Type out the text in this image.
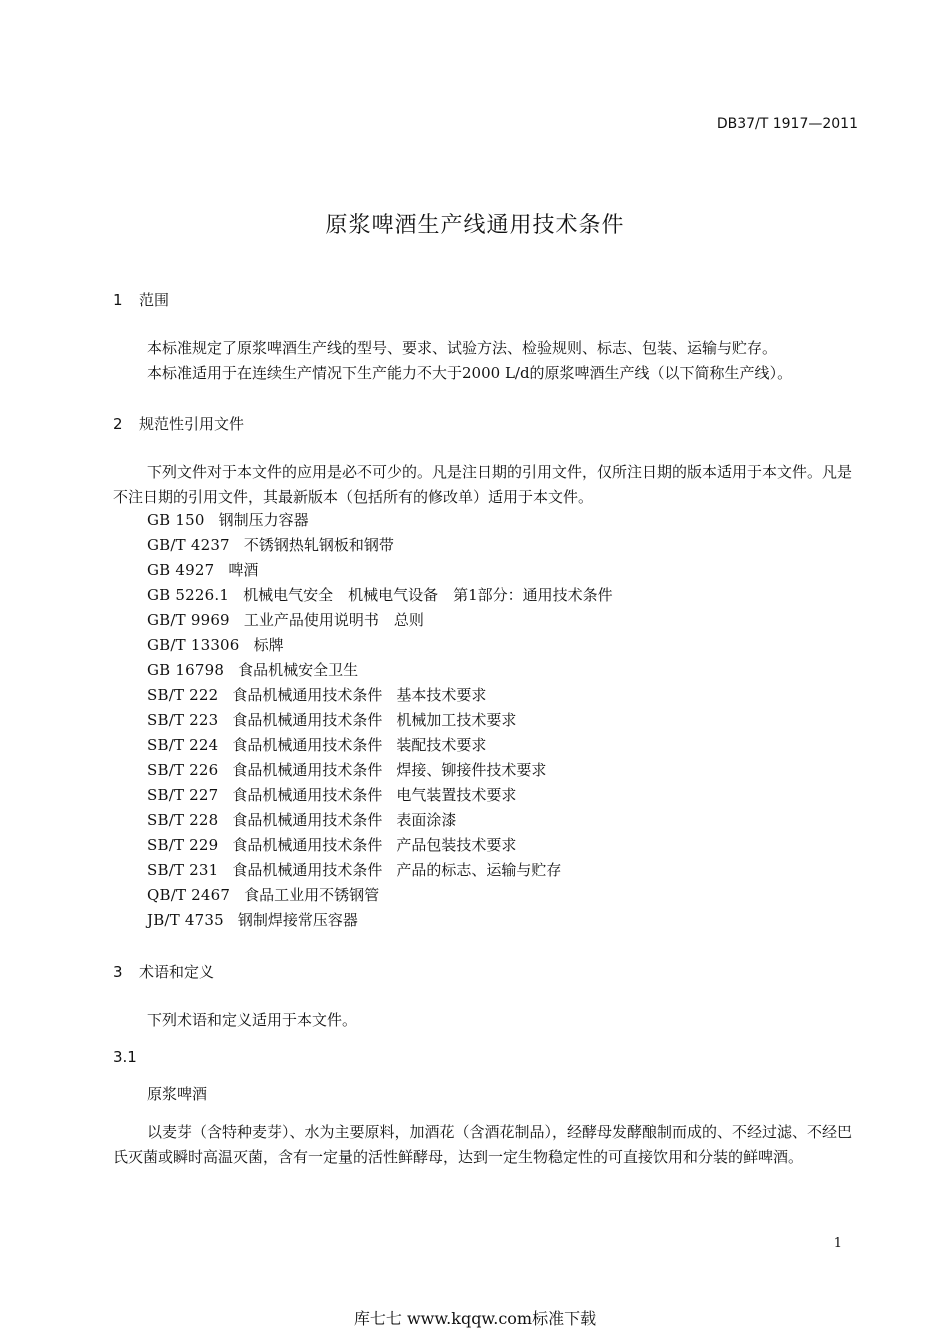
DB37/T 1917—2011
原浆啤酒生产线通用技术条件
1 范围
本标准规定了原浆啤酒生产线的型号、要求、试验方法、检验规则、标志、包装、运输与贮存。
本标准适用于在连续生产情况下生产能力不大于2000 L/d的原浆啤酒生产线（以下简称生产线）。
2 规范性引用文件
下列文件对于本文件的应用是必不可少的。凡是注日期的引用文件，仅所注日期的版本适用于本文件。凡是不注日期的引用文件，其最新版本（包括所有的修改单）适用于本文件。
GB 150 钢制压力容器
GB/T 4237 不锈钢热轧钢板和钢带
GB 4927 啤酒
GB 5226.1 机械电气安全　机械电气设备　第1部分：通用技术条件
GB/T 9969 工业产品使用说明书　总则
GB/T 13306 标牌
GB 16798 食品机械安全卫生
SB/T 222 食品机械通用技术条件 基本技术要求
SB/T 223 食品机械通用技术条件 机械加工技术要求
SB/T 224 食品机械通用技术条件 装配技术要求
SB/T 226 食品机械通用技术条件 焊接、铆接件技术要求
SB/T 227 食品机械通用技术条件 电气装置技术要求
SB/T 228 食品机械通用技术条件 表面涂漆
SB/T 229 食品机械通用技术条件 产品包装技术要求
SB/T 231 食品机械通用技术条件 产品的标志、运输与贮存
QB/T 2467 食品工业用不锈钢管
JB/T 4735 钢制焊接常压容器
3 术语和定义
下列术语和定义适用于本文件。
3.1
原浆啤酒
以麦芽（含特种麦芽）、水为主要原料，加酒花（含酒花制品），经酵母发酵酿制而成的、不经过滤、不经巴氏灭菌或瞬时高温灭菌，含有一定量的活性鲜酵母，达到一定生物稳定性的可直接饮用和分装的鲜啤酒。
1
库七七 www.kqqw.com标准下载
